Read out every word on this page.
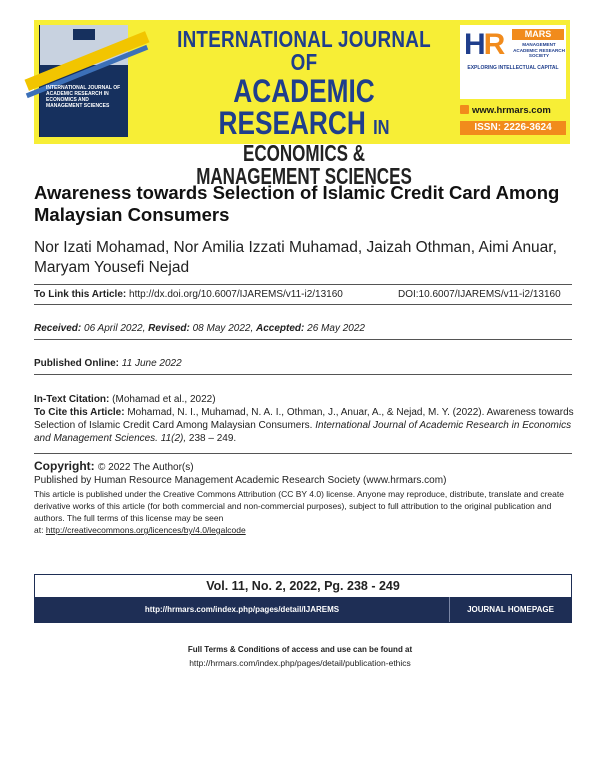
INTERNATIONAL JOURNAL OF ACADEMIC RESEARCH IN ECONOMICS AND MANAGEMENT SCIENCES
INTERNATIONAL JOURNAL OF
ACADEMIC RESEARCH IN
ECONOMICS & MANAGEMENT SCIENCES
HR	MARS
MANAGEMENT ACADEMIC RESEARCH SOCIETY
EXPLORING INTELLECTUAL CAPITAL
www.hrmars.com
ISSN: 2226-3624
Awareness towards Selection of Islamic Credit Card Among Malaysian Consumers
Nor Izati Mohamad, Nor Amilia Izzati Muhamad, Jaizah Othman, Aimi Anuar, Maryam Yousefi Nejad
To Link this Article: http://dx.doi.org/10.6007/IJAREMS/v11-i2/13160	DOI:10.6007/IJAREMS/v11-i2/13160
Received: 06 April 2022, Revised: 08 May 2022, Accepted: 26 May 2022
Published Online: 11 June 2022
In-Text Citation: (Mohamad et al., 2022)
To Cite this Article: Mohamad, N. I., Muhamad, N. A. I., Othman, J., Anuar, A., & Nejad, M. Y. (2022). Awareness towards Selection of Islamic Credit Card Among Malaysian Consumers. International Journal of Academic Research in Economics and Management Sciences. 11(2), 238 – 249.
Copyright: © 2022 The Author(s)
Published by Human Resource Management Academic Research Society (www.hrmars.com)
This article is published under the Creative Commons Attribution (CC BY 4.0) license. Anyone may reproduce, distribute, translate and create derivative works of this article (for both commercial and non-commercial purposes), subject to full attribution to the original publication and authors. The full terms of this license may be seen
at: http://creativecommons.org/licences/by/4.0/legalcode
Vol. 11, No. 2, 2022, Pg. 238 - 249
http://hrmars.com/index.php/pages/detail/IJAREMS	JOURNAL HOMEPAGE
Full Terms & Conditions of access and use can be found at
http://hrmars.com/index.php/pages/detail/publication-ethics
